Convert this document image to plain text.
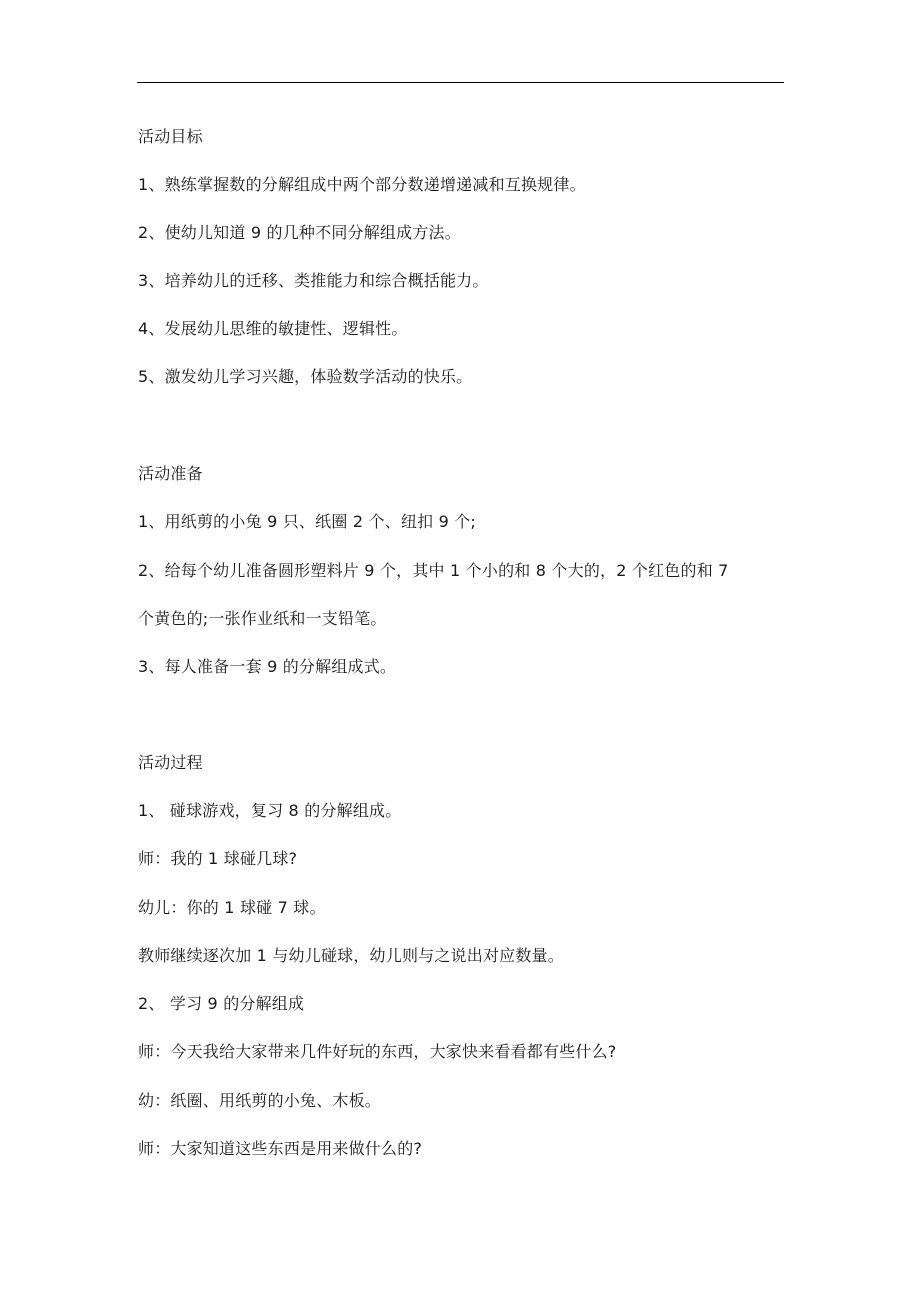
活动目标
1、熟练掌握数的分解组成中两个部分数递增递减和互换规律。
2、使幼儿知道 9 的几种不同分解组成方法。
3、培养幼儿的迁移、类推能力和综合概括能力。
4、发展幼儿思维的敏捷性、逻辑性。
5、激发幼儿学习兴趣，体验数学活动的快乐。
活动准备
1、用纸剪的小兔 9 只、纸圈 2 个、纽扣 9 个;
2、给每个幼儿准备圆形塑料片 9 个，其中 1 个小的和 8 个大的，2 个红色的和 7
个黄色的;一张作业纸和一支铅笔。
3、每人准备一套 9 的分解组成式。
活动过程
1、 碰球游戏，复习 8 的分解组成。
师：我的 1 球碰几球?
幼儿：你的 1 球碰 7 球。
教师继续逐次加 1 与幼儿碰球，幼儿则与之说出对应数量。
2、 学习 9 的分解组成
师：今天我给大家带来几件好玩的东西，大家快来看看都有些什么?
幼：纸圈、用纸剪的小兔、木板。
师：大家知道这些东西是用来做什么的?
